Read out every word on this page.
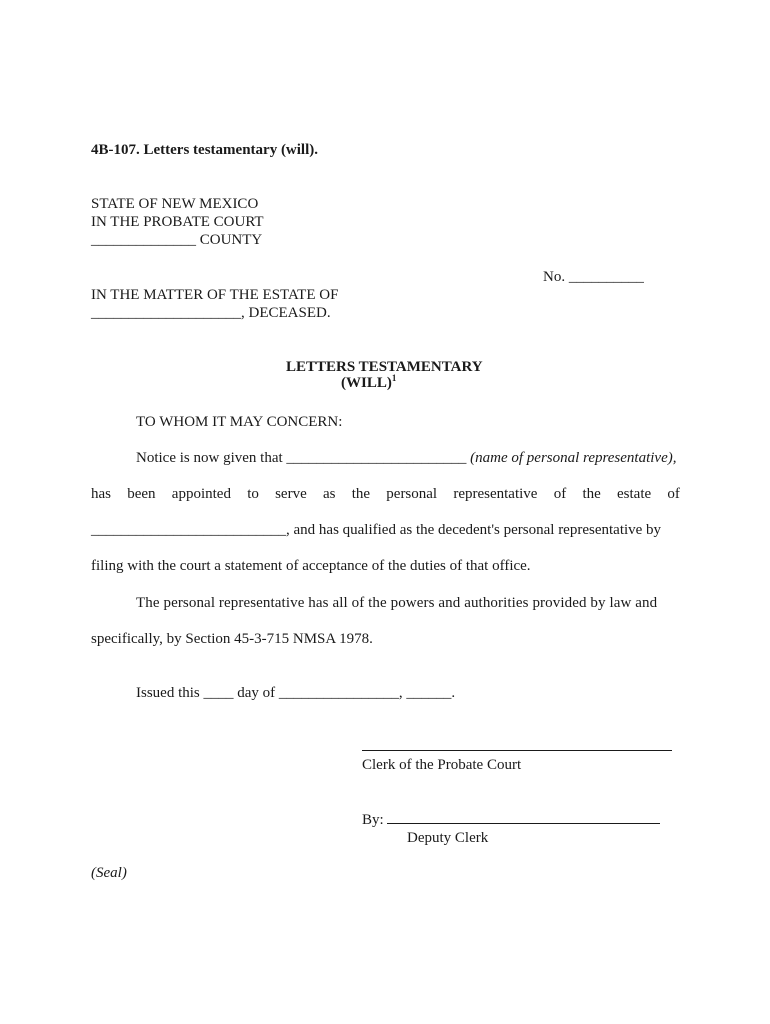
4B-107. Letters testamentary (will).
STATE OF NEW MEXICO
IN THE PROBATE COURT
______________ COUNTY
No. __________
IN THE MATTER OF THE ESTATE OF
____________________, DECEASED.
LETTERS TESTAMENTARY
(WILL)$^1$
TO WHOM IT MAY CONCERN:
Notice is now given that ________________________ (name of personal representative),
has been appointed to serve as the personal representative of the estate of
__________________________, and has qualified as the decedent's personal representative by
filing with the court a statement of acceptance of the duties of that office.
The personal representative has all of the powers and authorities provided by law and
specifically, by Section 45-3-715 NMSA 1978.
Issued this ____ day of ________________, ______.
Clerk of the Probate Court
By:
Deputy Clerk
(Seal)
